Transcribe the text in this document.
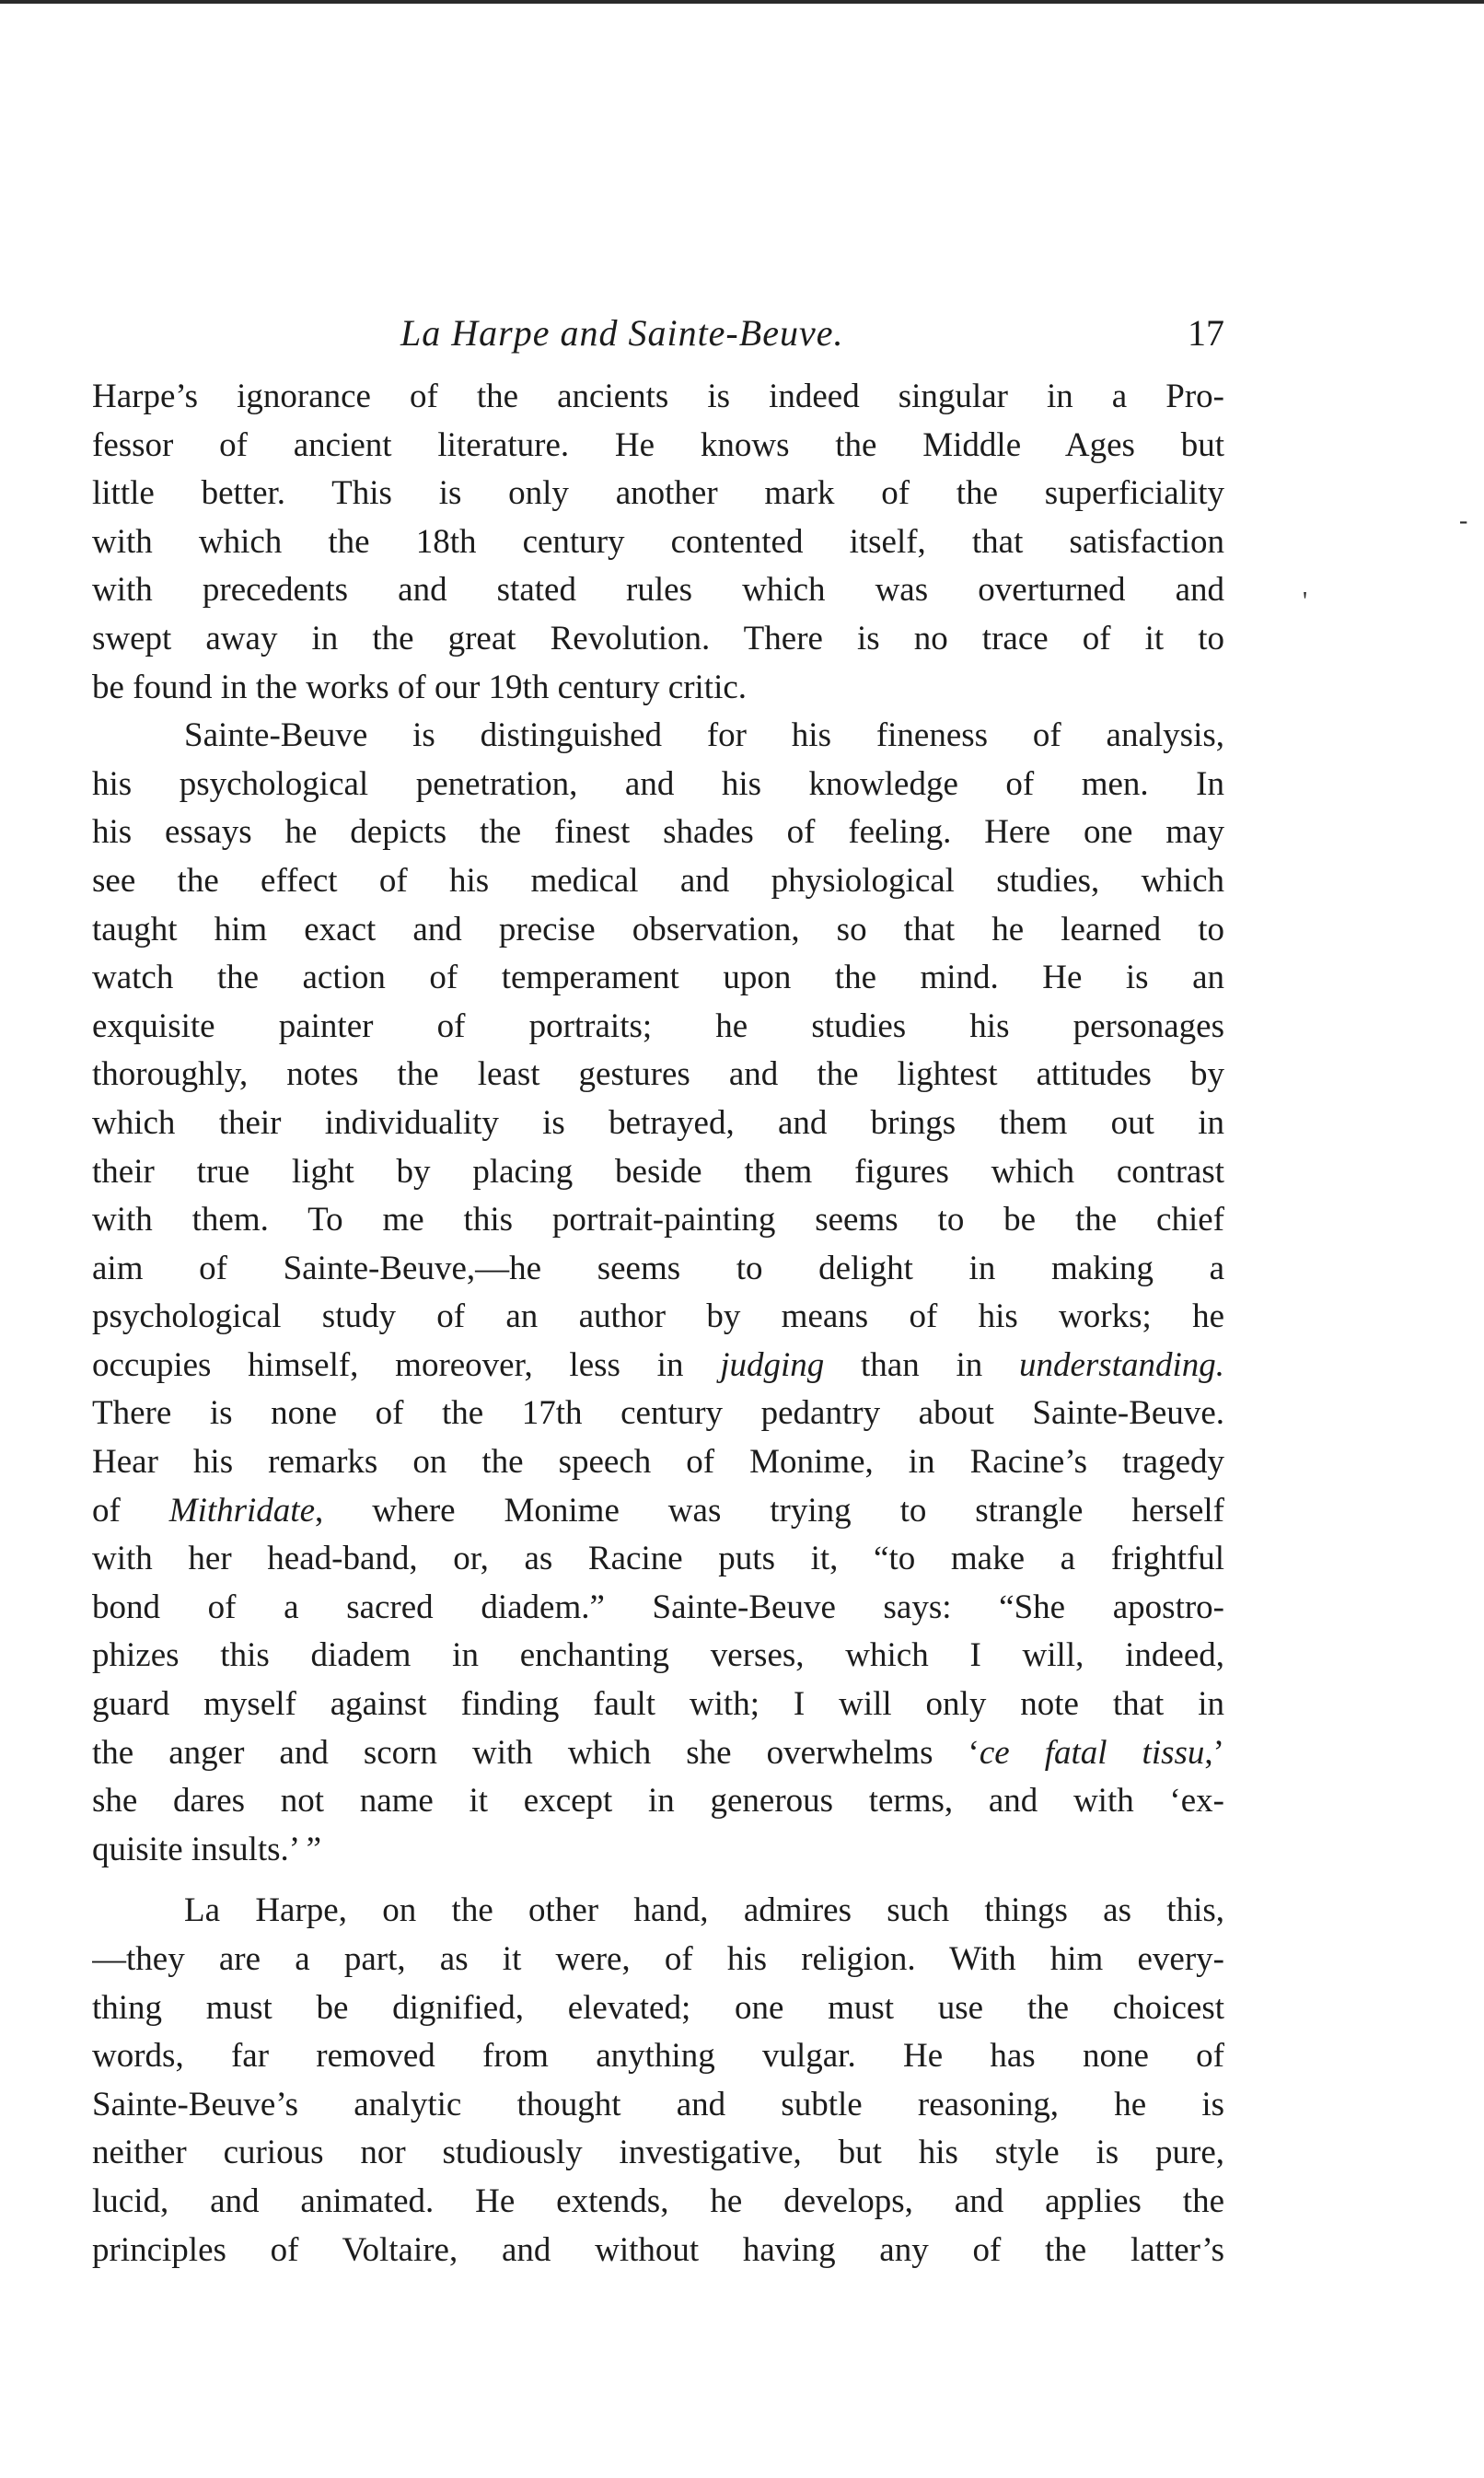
La Harpe and Sainte-Beuve.	17
Harpe’s ignorance of the ancients is indeed singular in a Pro-
fessor of ancient literature. He knows the Middle Ages but
little better. This is only another mark of the superficiality
with which the 18th century contented itself, that satisfaction
with precedents and stated rules which was overturned and
swept away in the great Revolution. There is no trace of it to
be found in the works of our 19th century critic.
Sainte-Beuve is distinguished for his fineness of analysis,
his psychological penetration, and his knowledge of men. In
his essays he depicts the finest shades of feeling. Here one may
see the effect of his medical and physiological studies, which
taught him exact and precise observation, so that he learned to
watch the action of temperament upon the mind. He is an
exquisite painter of portraits; he studies his personages
thoroughly, notes the least gestures and the lightest attitudes by
which their individuality is betrayed, and brings them out in
their true light by placing beside them figures which contrast
with them. To me this portrait-painting seems to be the chief
aim of Sainte-Beuve,—he seems to delight in making a
psychological study of an author by means of his works; he
occupies himself, moreover, less in judging than in understanding.
There is none of the 17th century pedantry about Sainte-Beuve.
Hear his remarks on the speech of Monime, in Racine’s tragedy
of Mithridate, where Monime was trying to strangle herself
with her head-band, or, as Racine puts it, “to make a frightful
bond of a sacred diadem.” Sainte-Beuve says: “She apostro-
phizes this diadem in enchanting verses, which I will, indeed,
guard myself against finding fault with; I will only note that in
the anger and scorn with which she overwhelms ‘ce fatal tissu,’
she dares not name it except in generous terms, and with ‘ex-
quisite insults.’ ”
La Harpe, on the other hand, admires such things as this,
—they are a part, as it were, of his religion. With him every-
thing must be dignified, elevated; one must use the choicest
words, far removed from anything vulgar. He has none of
Sainte-Beuve’s analytic thought and subtle reasoning, he is
neither curious nor studiously investigative, but his style is pure,
lucid, and animated. He extends, he develops, and applies the
principles of Voltaire, and without having any of the latter’s
-
'
